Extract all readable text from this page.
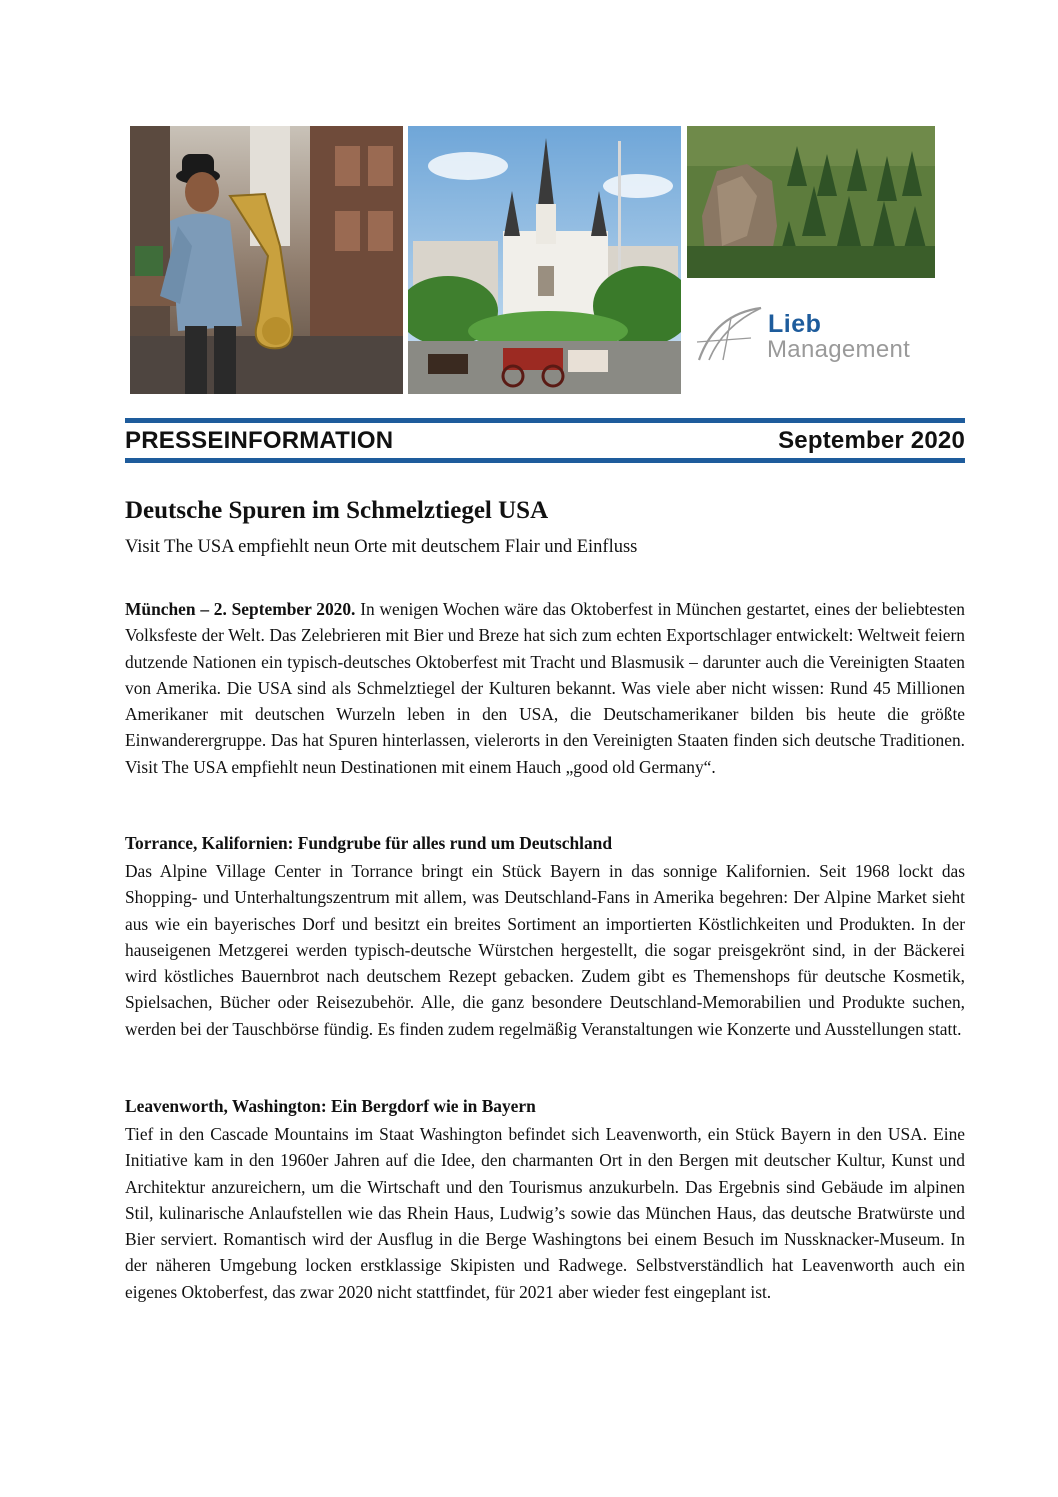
Lieb
Management
PRESSEINFORMATION	September 2020
Deutsche Spuren im Schmelztiegel USA
Visit The USA empfiehlt neun Orte mit deutschem Flair und Einfluss

München – 2. September 2020. In wenigen Wochen wäre das Oktoberfest in München gestartet, eines der beliebtesten Volksfeste der Welt. Das Zelebrieren mit Bier und Breze hat sich zum echten Exportschlager entwickelt: Weltweit feiern dutzende Nationen ein typisch-deutsches Oktoberfest mit Tracht und Blasmusik – darunter auch die Vereinigten Staaten von Amerika. Die USA sind als Schmelztiegel der Kulturen bekannt. Was viele aber nicht wissen: Rund 45 Millionen Amerikaner mit deutschen Wurzeln leben in den USA, die Deutschamerikaner bilden bis heute die größte Einwanderergruppe. Das hat Spuren hinterlassen, vielerorts in den Vereinigten Staaten finden sich deutsche Traditionen. Visit The USA empfiehlt neun Destinationen mit einem Hauch „good old Germany“.

Torrance, Kalifornien: Fundgrube für alles rund um Deutschland

Das Alpine Village Center in Torrance bringt ein Stück Bayern in das sonnige Kalifornien. Seit 1968 lockt das Shopping- und Unterhaltungszentrum mit allem, was Deutschland-Fans in Amerika begehren: Der Alpine Market sieht aus wie ein bayerisches Dorf und besitzt ein breites Sortiment an importierten Köstlichkeiten und Produkten. In der hauseigenen Metzgerei werden typisch-deutsche Würstchen hergestellt, die sogar preisgekrönt sind, in der Bäckerei wird köstliches Bauernbrot nach deutschem Rezept gebacken. Zudem gibt es Themenshops für deutsche Kosmetik, Spielsachen, Bücher oder Reisezubehör. Alle, die ganz besondere Deutschland-Memorabilien und Produkte suchen, werden bei der Tauschbörse fündig. Es finden zudem regelmäßig Veranstaltungen wie Konzerte und Ausstellungen statt.

Leavenworth, Washington: Ein Bergdorf wie in Bayern

Tief in den Cascade Mountains im Staat Washington befindet sich Leavenworth, ein Stück Bayern in den USA. Eine Initiative kam in den 1960er Jahren auf die Idee, den charmanten Ort in den Bergen mit deutscher Kultur, Kunst und Architektur anzureichern, um die Wirtschaft und den Tourismus anzukurbeln. Das Ergebnis sind Gebäude im alpinen Stil, kulinarische Anlaufstellen wie das Rhein Haus, Ludwig’s sowie das München Haus, das deutsche Bratwürste und Bier serviert. Romantisch wird der Ausflug in die Berge Washingtons bei einem Besuch im Nussknacker-Museum. In der näheren Umgebung locken erstklassige Skipisten und Radwege. Selbstverständlich hat Leavenworth auch ein eigenes Oktoberfest, das zwar 2020 nicht stattfindet, für 2021 aber wieder fest eingeplant ist.
